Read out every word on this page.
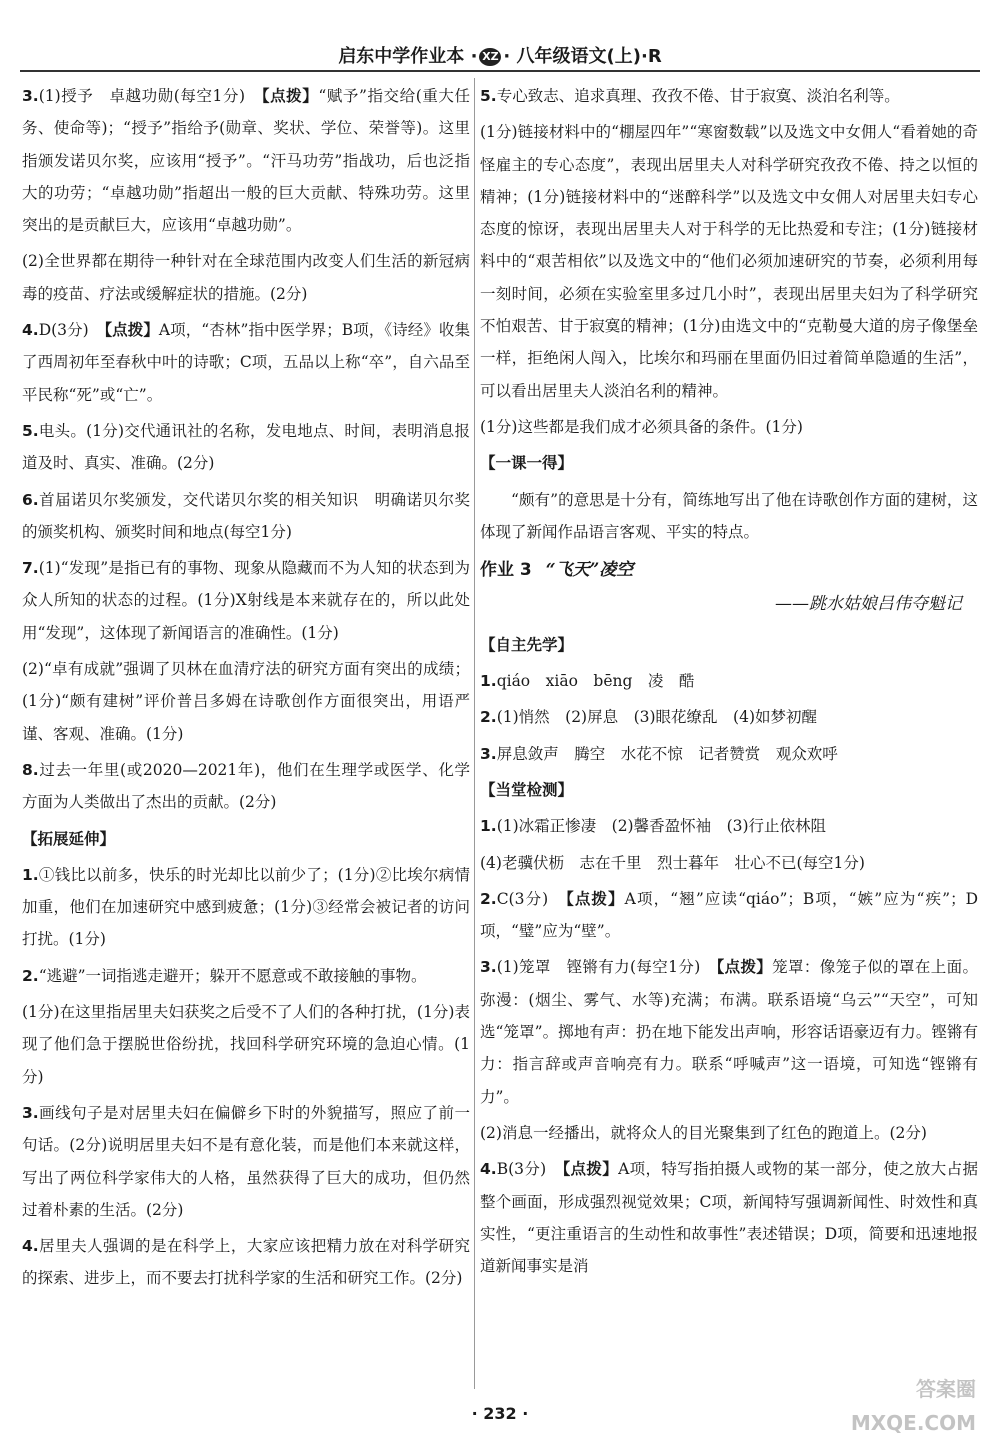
启东中学作业本 · XZ · 八年级语文(上)·R

3.(1)授予　卓越功勋(每空1分)　【点拨】“赋予”指交给(重大任务、使命等)；“授予”指给予(勋章、奖状、学位、荣誉等)。这里指颁发诺贝尔奖，应该用“授予”。“汗马功劳”指战功，后也泛指大的功劳；“卓越功勋”指超出一般的巨大贡献、特殊功劳。这里突出的是贡献巨大，应该用“卓越功勋”。

(2)全世界都在期待一种针对在全球范围内改变人们生活的新冠病毒的疫苗、疗法或缓解症状的措施。(2分)

4.D(3分)　【点拨】A项，“杏林”指中医学界；B项，《诗经》收集了西周初年至春秋中叶的诗歌；C项，五品以上称“卒”，自六品至平民称“死”或“亡”。

5.电头。(1分)交代通讯社的名称，发电地点、时间，表明消息报道及时、真实、准确。(2分)

6.首届诺贝尔奖颁发，交代诺贝尔奖的相关知识　明确诺贝尔奖的颁奖机构、颁奖时间和地点(每空1分)

7.(1)“发现”是指已有的事物、现象从隐藏而不为人知的状态到为众人所知的状态的过程。(1分)X射线是本来就存在的，所以此处用“发现”，这体现了新闻语言的准确性。(1分)

(2)“卓有成就”强调了贝林在血清疗法的研究方面有突出的成绩；(1分)“颇有建树”评价普吕多姆在诗歌创作方面很突出，用语严谨、客观、准确。(1分)

8.过去一年里(或2020—2021年)，他们在生理学或医学、化学方面为人类做出了杰出的贡献。(2分)

【拓展延伸】

1.①钱比以前多，快乐的时光却比以前少了；(1分)②比埃尔病情加重，他们在加速研究中感到疲惫；(1分)③经常会被记者的访问打扰。(1分)

2.“逃避”一词指逃走避开；躲开不愿意或不敢接触的事物。

(1分)在这里指居里夫妇获奖之后受不了人们的各种打扰，(1分)表现了他们急于摆脱世俗纷扰，找回科学研究环境的急迫心情。(1分)

3.画线句子是对居里夫妇在偏僻乡下时的外貌描写，照应了前一句话。(2分)说明居里夫妇不是有意化装，而是他们本来就这样，写出了两位科学家伟大的人格，虽然获得了巨大的成功，但仍然过着朴素的生活。(2分)

4.居里夫人强调的是在科学上，大家应该把精力放在对科学研究的探索、进步上，而不要去打扰科学家的生活和研究工作。(2分)

5.专心致志、追求真理、孜孜不倦、甘于寂寞、淡泊名利等。

(1分)链接材料中的“棚屋四年”“寒窗数载”以及选文中女佣人“看着她的奇怪雇主的专心态度”，表现出居里夫人对科学研究孜孜不倦、持之以恒的精神；(1分)链接材料中的“迷醉科学”以及选文中女佣人对居里夫妇专心态度的惊讶，表现出居里夫人对于科学的无比热爱和专注；(1分)链接材料中的“艰苦相依”以及选文中的“他们必须加速研究的节奏，必须利用每一刻时间，必须在实验室里多过几小时”，表现出居里夫妇为了科学研究不怕艰苦、甘于寂寞的精神；(1分)由选文中的“克勒曼大道的房子像堡垒一样，拒绝闲人闯入，比埃尔和玛丽在里面仍旧过着简单隐遁的生活”，可以看出居里夫人淡泊名利的精神。

(1分)这些都是我们成才必须具备的条件。(1分)

【一课一得】

“颇有”的意思是十分有，简练地写出了他在诗歌创作方面的建树，这体现了新闻作品语言客观、平实的特点。

作业 3 “飞天”凌空
——跳水姑娘吕伟夺魁记
【自主先学】

1.qiáo　xiāo　bēng　凌　酷

2.(1)悄然　(2)屏息　(3)眼花缭乱　(4)如梦初醒

3.屏息敛声　腾空　水花不惊　记者赞赏　观众欢呼

【当堂检测】

1.(1)冰霜正惨凄　(2)馨香盈怀袖　(3)行止依林阻

(4)老骥伏枥　志在千里　烈士暮年　壮心不已(每空1分)

2.C(3分)　【点拨】A项，“翘”应读“qiáo”；B项，“嫉”应为“疾”；D项，“璧”应为“壁”。

3.(1)笼罩　铿锵有力(每空1分)　【点拨】笼罩：像笼子似的罩在上面。弥漫：(烟尘、雾气、水等)充满；布满。联系语境“乌云”“天空”，可知选“笼罩”。掷地有声：扔在地下能发出声响，形容话语豪迈有力。铿锵有力：指言辞或声音响亮有力。联系“呼喊声”这一语境，可知选“铿锵有力”。

(2)消息一经播出，就将众人的目光聚集到了红色的跑道上。(2分)

4.B(3分)　【点拨】A项，特写指拍摄人或物的某一部分，使之放大占据整个画面，形成强烈视觉效果；C项，新闻特写强调新闻性、时效性和真实性，“更注重语言的生动性和故事性”表述错误；D项，简要和迅速地报道新闻事实是消

· 232 ·
答案圈
MXQE.COM
